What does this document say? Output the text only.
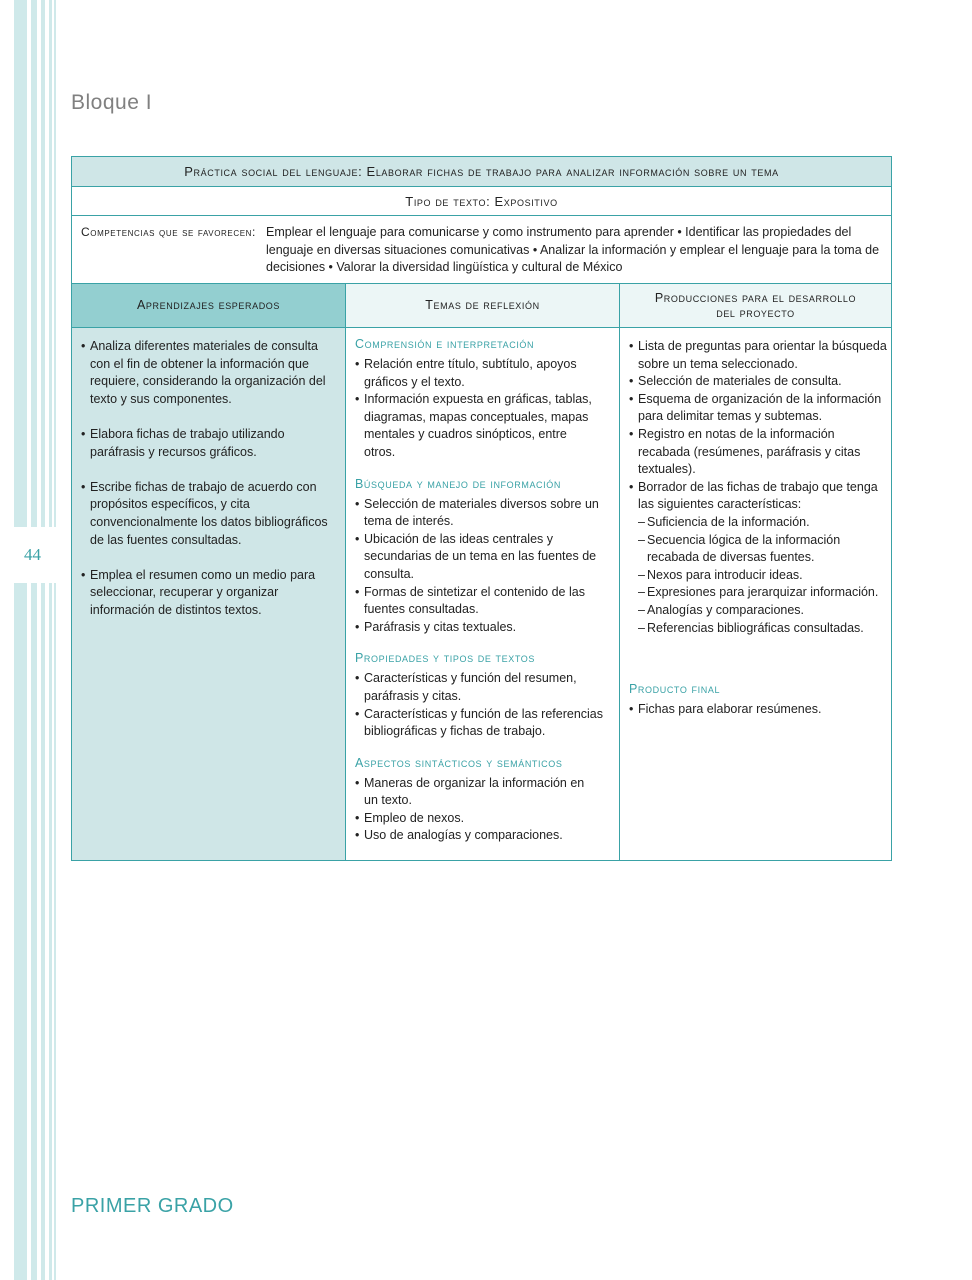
44
Bloque I
Práctica social del lenguaje: Elaborar fichas de trabajo para analizar información sobre un tema
Tipo de texto: Expositivo
Competencias que se favorecen: Emplear el lenguaje para comunicarse y como instrumento para aprender • Identificar las propiedades del lenguaje en diversas situaciones comunicativas • Analizar la información y emplear el lenguaje para la toma de decisiones • Valorar la diversidad lingüística y cultural de México
Aprendizajes esperados	Temas de reflexión
Producciones para el desarrollo del proyecto
• Analiza diferentes materiales de consulta con el fin de obtener la información que requiere, considerando la organización del texto y sus componentes.
• Elabora fichas de trabajo utilizando paráfrasis y recursos gráficos.
• Escribe fichas de trabajo de acuerdo con propósitos específicos, y cita convencionalmente los datos bibliográficos de las fuentes consultadas.
• Emplea el resumen como un medio para seleccionar, recuperar y organizar información de distintos textos.
Comprensión e interpretación
• Relación entre título, subtítulo, apoyos gráficos y el texto.
• Información expuesta en gráficas, tablas, diagramas, mapas conceptuales, mapas mentales y cuadros sinópticos, entre otros.
Búsqueda y manejo de información
• Selección de materiales diversos sobre un tema de interés.
• Ubicación de las ideas centrales y secundarias de un tema en las fuentes de consulta.
• Formas de sintetizar el contenido de las fuentes consultadas.
• Paráfrasis y citas textuales.
Propiedades y tipos de textos
• Características y función del resumen, paráfrasis y citas.
• Características y función de las referencias bibliográficas y fichas de trabajo.
Aspectos sintácticos y semánticos
• Maneras de organizar la información en un texto.
• Empleo de nexos.
• Uso de analogías y comparaciones.
• Lista de preguntas para orientar la búsqueda sobre un tema seleccionado.
• Selección de materiales de consulta.
• Esquema de organización de la información para delimitar temas y subtemas.
• Registro en notas de la información recabada (resúmenes, paráfrasis y citas textuales).
• Borrador de las fichas de trabajo que tenga las siguientes características:
– Suficiencia de la información.
– Secuencia lógica de la información recabada de diversas fuentes.
– Nexos para introducir ideas.
– Expresiones para jerarquizar información.
– Analogías y comparaciones.
– Referencias bibliográficas consultadas.
Producto final
• Fichas para elaborar resúmenes.
PRIMER GRADO
